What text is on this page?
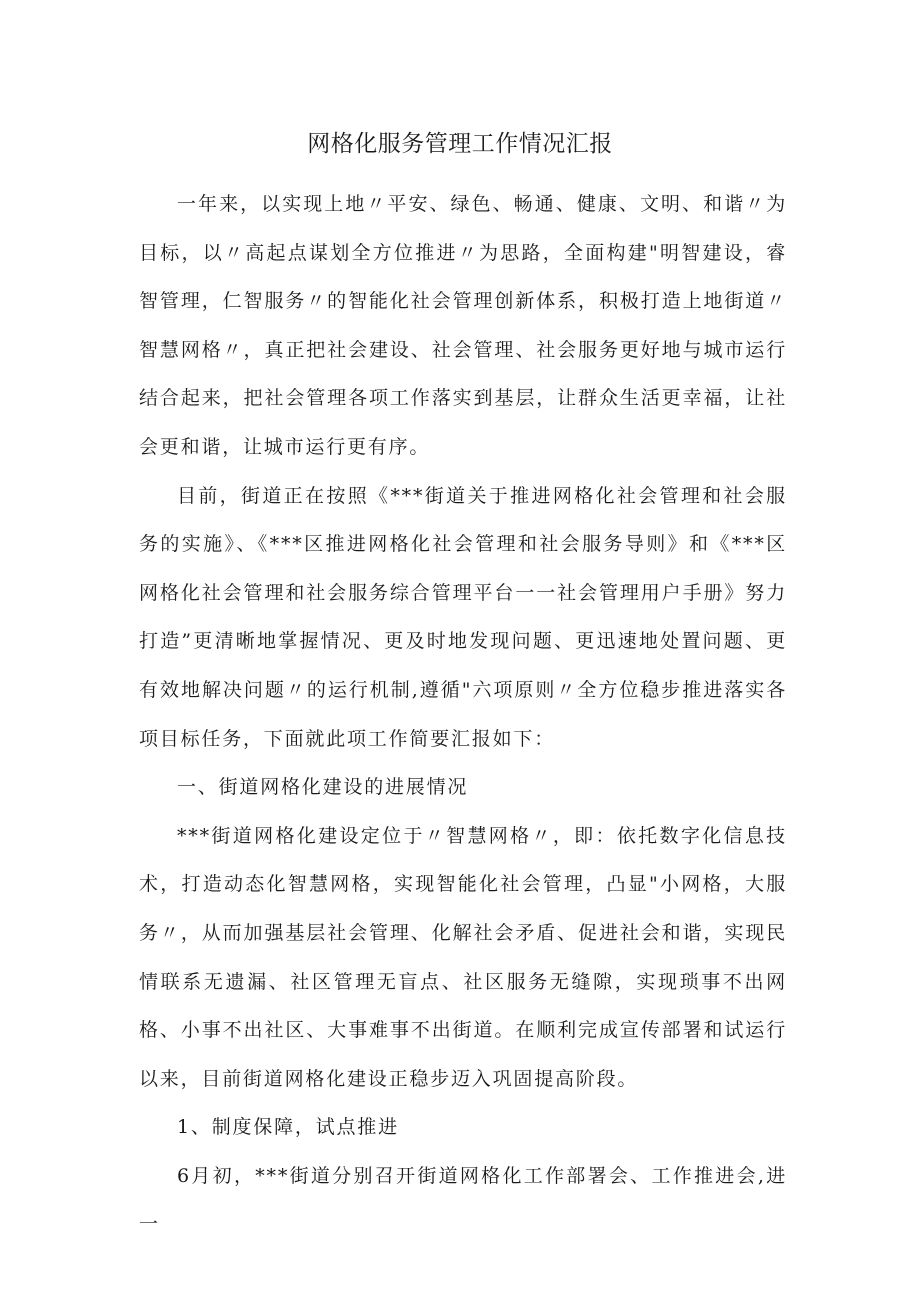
网格化服务管理工作情况汇报

一年来，以实现上地〃平安、绿色、畅通、健康、文明、和谐〃为目标，以〃高起点谋划全方位推进〃为思路，全面构建"明智建设，睿智管理，仁智服务〃的智能化社会管理创新体系，积极打造上地街道〃智慧网格〃，真正把社会建设、社会管理、社会服务更好地与城市运行结合起来，把社会管理各项工作落实到基层，让群众生活更幸福，让社会更和谐，让城市运行更有序。

目前，街道正在按照《***街道关于推进网格化社会管理和社会服务的实施》、《***区推进网格化社会管理和社会服务导则》和《***区网格化社会管理和社会服务综合管理平台一一社会管理用户手册》努力打造”更清晰地掌握情况、更及时地发现问题、更迅速地处置问题、更有效地解决问题〃的运行机制,遵循"六项原则〃全方位稳步推进落实各项目标任务，下面就此项工作简要汇报如下：

一、街道网格化建设的进展情况

***街道网格化建设定位于〃智慧网格〃，即：依托数字化信息技术，打造动态化智慧网格，实现智能化社会管理，凸显"小网格，大服务〃，从而加强基层社会管理、化解社会矛盾、促进社会和谐，实现民情联系无遗漏、社区管理无盲点、社区服务无缝隙，实现琐事不出网格、小事不出社区、大事难事不出街道。在顺利完成宣传部署和试运行以来，目前街道网格化建设正稳步迈入巩固提高阶段。

1、制度保障，试点推进

6月初，***街道分别召开街道网格化工作部署会、工作推进会,进一
